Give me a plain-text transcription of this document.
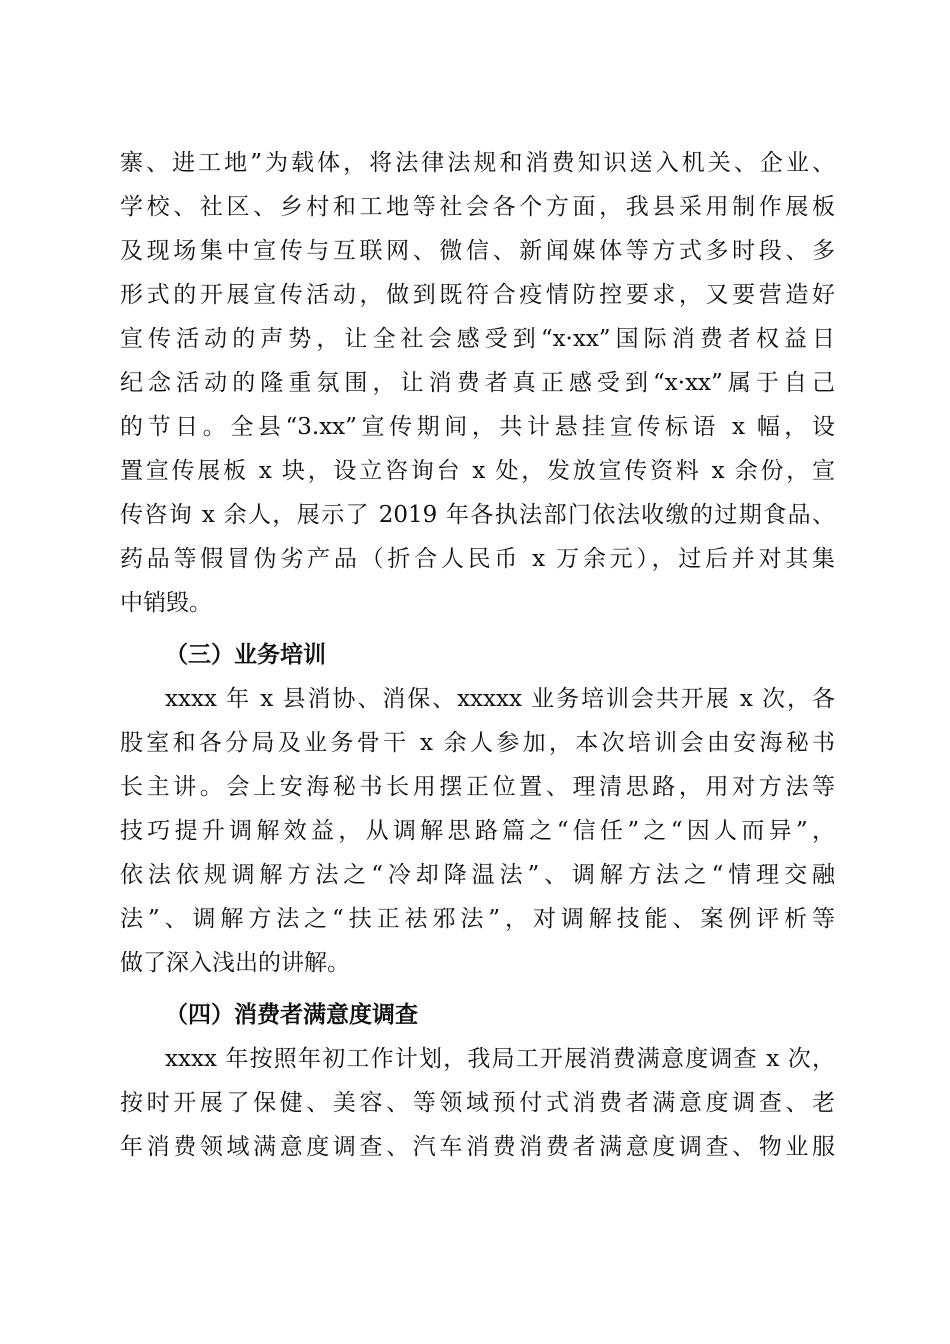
寨、进工地”为载体，将法律法规和消费知识送入机关、企业、
学校、社区、乡村和工地等社会各个方面，我县采用制作展板
及现场集中宣传与互联网、微信、新闻媒体等方式多时段、多
形式的开展宣传活动，做到既符合疫情防控要求，又要营造好
宣传活动的声势，让全社会感受到“x·xx”国际消费者权益日
纪念活动的隆重氛围，让消费者真正感受到“x·xx”属于自己
的节日。全县“3.xx”宣传期间，共计悬挂宣传标语 x 幅，设
置宣传展板 x 块，设立咨询台 x 处，发放宣传资料 x 余份，宣
传咨询 x 余人，展示了 2019 年各执法部门依法收缴的过期食品、
药品等假冒伪劣产品（折合人民币 x 万余元），过后并对其集
中销毁。
（三）业务培训
xxxx 年 x 县消协、消保、xxxxx 业务培训会共开展 x 次，各
股室和各分局及业务骨干 x 余人参加，本次培训会由安海秘书
长主讲。会上安海秘书长用摆正位置、理清思路，用对方法等
技巧提升调解效益，从调解思路篇之“信任”之“因人而异”，
依法依规调解方法之“冷却降温法”、调解方法之“情理交融
法”、调解方法之“扶正祛邪法”，对调解技能、案例评析等
做了深入浅出的讲解。
（四）消费者满意度调查
xxxx 年按照年初工作计划，我局工开展消费满意度调查 x 次，
按时开展了保健、美容、等领域预付式消费者满意度调查、老
年消费领域满意度调查、汽车消费消费者满意度调查、物业服
